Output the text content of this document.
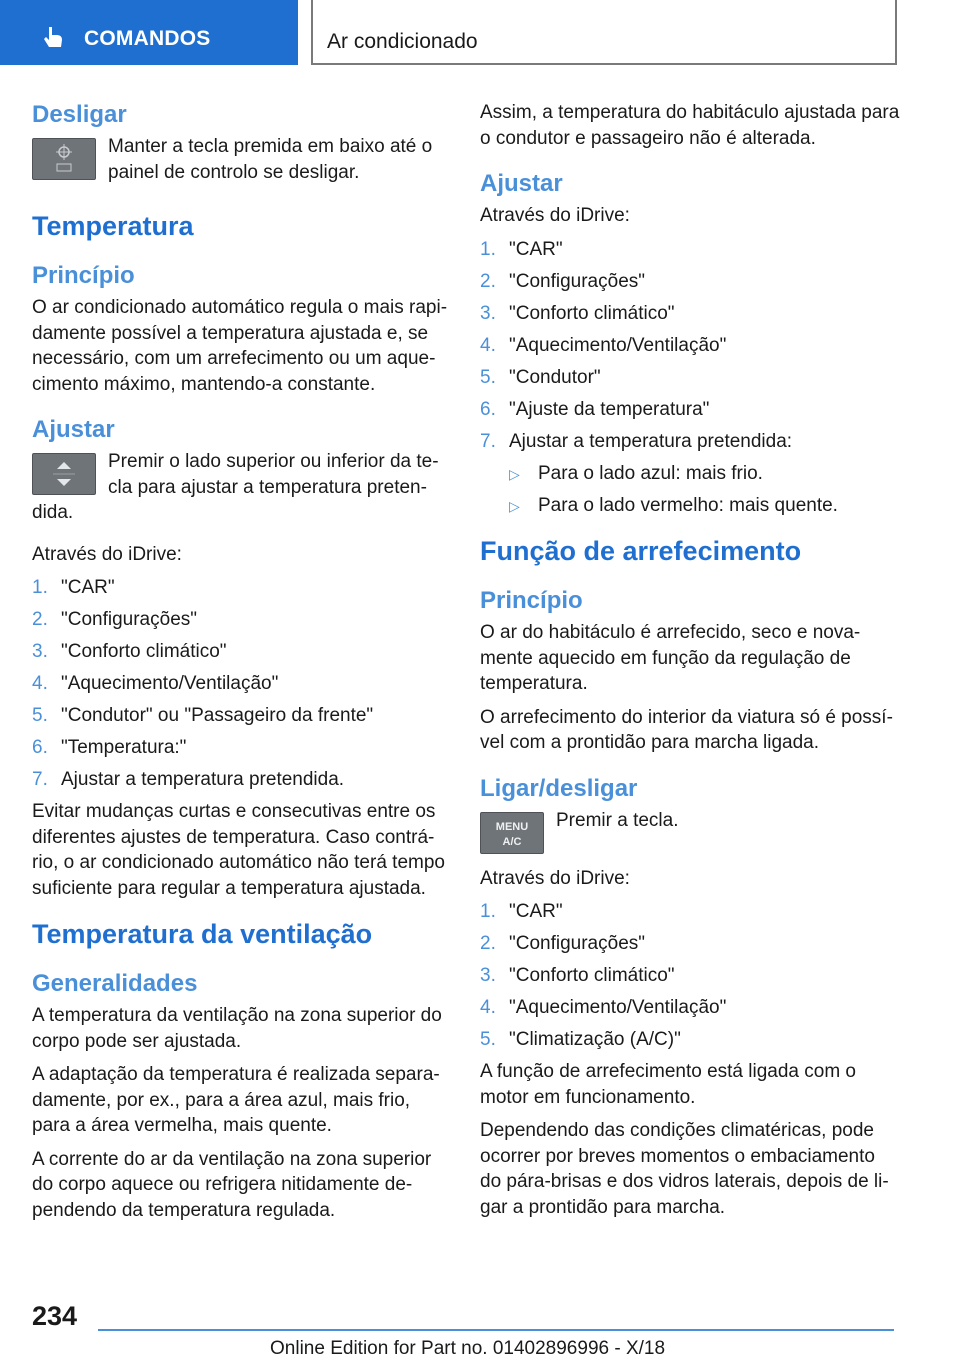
COMANDOS	Ar condicionado
Desligar

Manter a tecla premida em baixo até o painel de controlo se desligar.

Temperatura
Princípio

O ar condicionado automático regula o mais rapi‐damente possível a temperatura ajustada e, se necessário, com um arrefecimento ou um aque‐cimento máximo, mantendo-a constante.

Ajustar

Premir o lado superior ou inferior da te‐cla para ajustar a temperatura preten‐dida.

Através do iDrive:

1. "CAR"
2. "Configurações"
3. "Conforto climático"
4. "Aquecimento/Ventilação"
5. "Condutor" ou "Passageiro da frente"
6. "Temperatura:"
7. Ajustar a temperatura pretendida.

Evitar mudanças curtas e consecutivas entre os diferentes ajustes de temperatura. Caso contrá‐rio, o ar condicionado automático não terá tempo suficiente para regular a temperatura ajustada.

Temperatura da ventilação
Generalidades

A temperatura da ventilação na zona superior do corpo pode ser ajustada.

A adaptação da temperatura é realizada separa‐damente, por ex., para a área azul, mais frio, para a área vermelha, mais quente.

A corrente do ar da ventilação na zona superior do corpo aquece ou refrigera nitidamente de‐pendendo da temperatura regulada.

Assim, a temperatura do habitáculo ajustada para o condutor e passageiro não é alterada.

Ajustar

Através do iDrive:

1. "CAR"
2. "Configurações"
3. "Conforto climático"
4. "Aquecimento/Ventilação"
5. "Condutor"
6. "Ajuste da temperatura"
7. Ajustar a temperatura pretendida:
▷ Para o lado azul: mais frio.
▷ Para o lado vermelho: mais quente.
Função de arrefecimento
Princípio

O ar do habitáculo é arrefecido, seco e nova‐mente aquecido em função da regulação de temperatura.

O arrefecimento do interior da viatura só é possí‐vel com a prontidão para marcha ligada.

Ligar/desligar
MENU
A/C

Premir a tecla.

Através do iDrive:

1. "CAR"
2. "Configurações"
3. "Conforto climático"
4. "Aquecimento/Ventilação"
5. "Climatização (A/C)"

A função de arrefecimento está ligada com o motor em funcionamento.

Dependendo das condições climatéricas, pode ocorrer por breves momentos o embaciamento do pára-brisas e dos vidros laterais, depois de li‐gar a prontidão para marcha.

234
Online Edition for Part no. 01402896996 - X/18
